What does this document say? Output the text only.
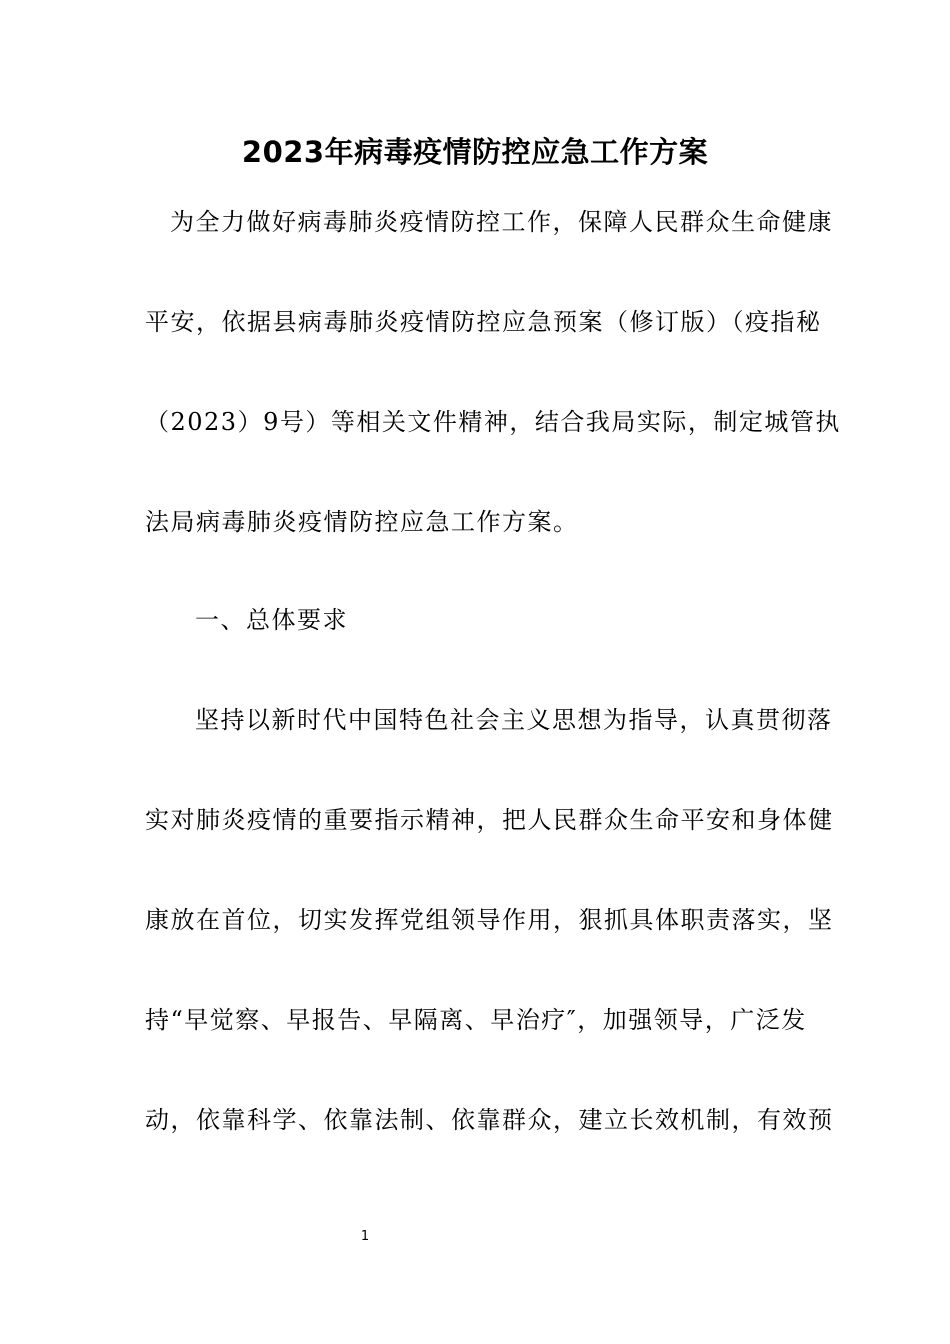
2023年病毒疫情防控应急工作方案
为全力做好病毒肺炎疫情防控工作，保障人民群众生命健康
平安，依据县病毒肺炎疫情防控应急预案（修订版）（疫指秘
（2023）9号）等相关文件精神，结合我局实际，制定城管执
法局病毒肺炎疫情防控应急工作方案。
一、总体要求
坚持以新时代中国特色社会主义思想为指导，认真贯彻落
实对肺炎疫情的重要指示精神，把人民群众生命平安和身体健
康放在首位，切实发挥党组领导作用，狠抓具体职责落实，坚
持“早觉察、早报告、早隔离、早治疗″，加强领导，广泛发
动，依靠科学、依靠法制、依靠群众，建立长效机制，有效预
1
